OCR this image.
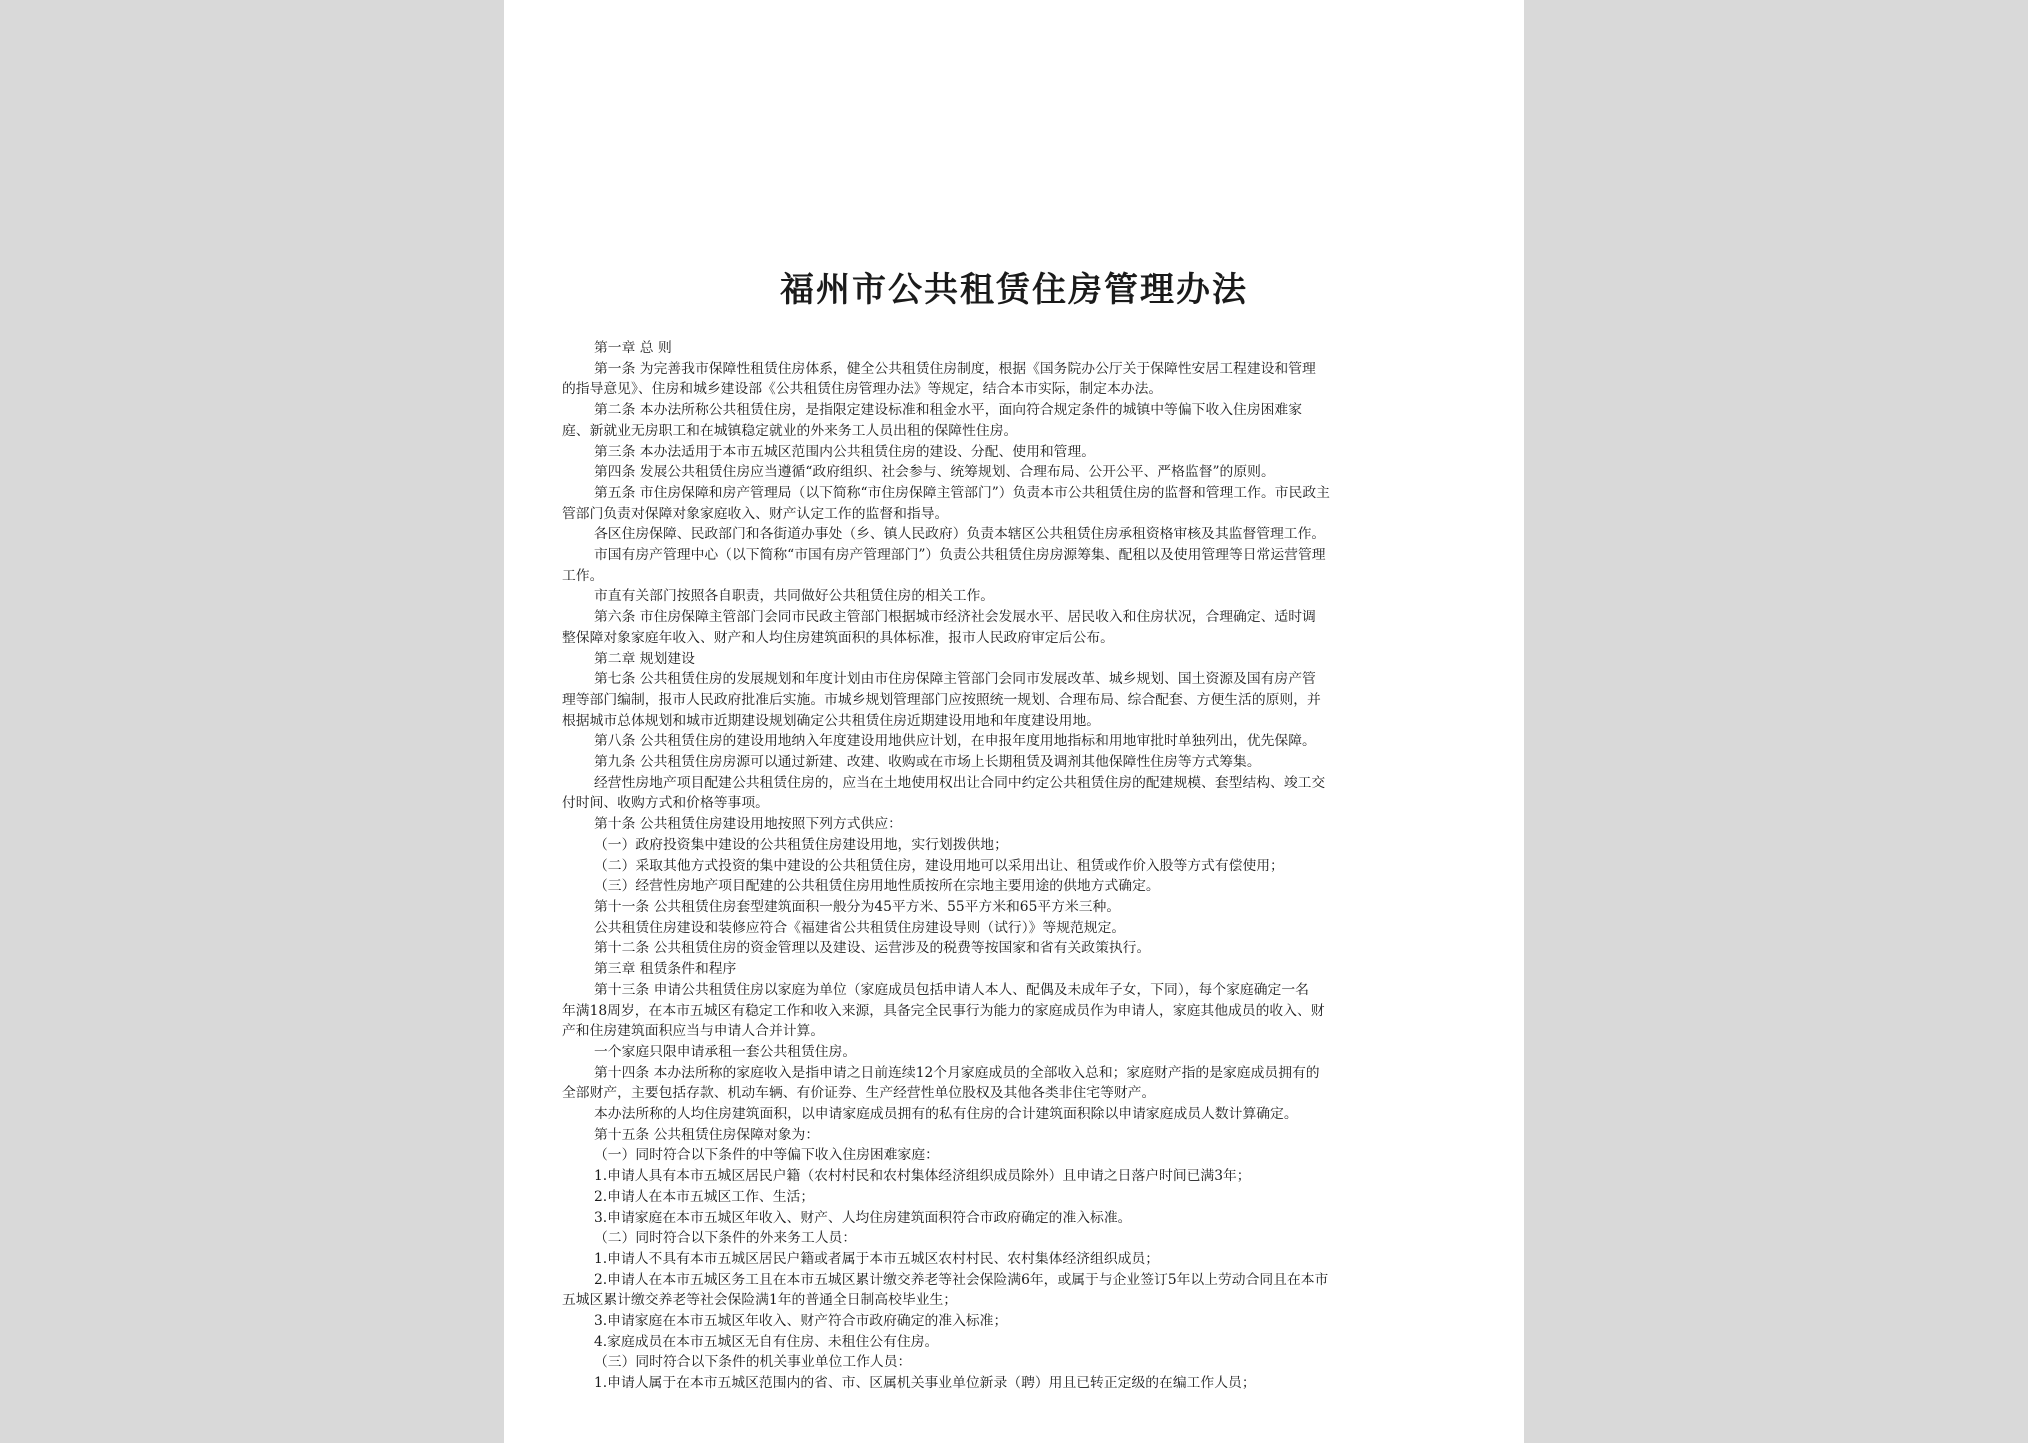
福州市公共租赁住房管理办法

第一章 总 则

第一条 为完善我市保障性租赁住房体系，健全公共租赁住房制度，根据《国务院办公厅关于保障性安居工程建设和管理

的指导意见》、住房和城乡建设部《公共租赁住房管理办法》等规定，结合本市实际，制定本办法。

第二条 本办法所称公共租赁住房，是指限定建设标准和租金水平，面向符合规定条件的城镇中等偏下收入住房困难家

庭、新就业无房职工和在城镇稳定就业的外来务工人员出租的保障性住房。

第三条 本办法适用于本市五城区范围内公共租赁住房的建设、分配、使用和管理。

第四条 发展公共租赁住房应当遵循“政府组织、社会参与、统筹规划、合理布局、公开公平、严格监督”的原则。

第五条 市住房保障和房产管理局（以下简称“市住房保障主管部门”）负责本市公共租赁住房的监督和管理工作。市民政主

管部门负责对保障对象家庭收入、财产认定工作的监督和指导。

各区住房保障、民政部门和各街道办事处（乡、镇人民政府）负责本辖区公共租赁住房承租资格审核及其监督管理工作。

市国有房产管理中心（以下简称“市国有房产管理部门”）负责公共租赁住房房源筹集、配租以及使用管理等日常运营管理

工作。

市直有关部门按照各自职责，共同做好公共租赁住房的相关工作。

第六条 市住房保障主管部门会同市民政主管部门根据城市经济社会发展水平、居民收入和住房状况，合理确定、适时调

整保障对象家庭年收入、财产和人均住房建筑面积的具体标准，报市人民政府审定后公布。

第二章 规划建设

第七条 公共租赁住房的发展规划和年度计划由市住房保障主管部门会同市发展改革、城乡规划、国土资源及国有房产管

理等部门编制，报市人民政府批准后实施。市城乡规划管理部门应按照统一规划、合理布局、综合配套、方便生活的原则，并

根据城市总体规划和城市近期建设规划确定公共租赁住房近期建设用地和年度建设用地。

第八条 公共租赁住房的建设用地纳入年度建设用地供应计划，在申报年度用地指标和用地审批时单独列出，优先保障。

第九条 公共租赁住房房源可以通过新建、改建、收购或在市场上长期租赁及调剂其他保障性住房等方式筹集。

经营性房地产项目配建公共租赁住房的，应当在土地使用权出让合同中约定公共租赁住房的配建规模、套型结构、竣工交

付时间、收购方式和价格等事项。

第十条 公共租赁住房建设用地按照下列方式供应：

（一）政府投资集中建设的公共租赁住房建设用地，实行划拨供地；

（二）采取其他方式投资的集中建设的公共租赁住房，建设用地可以采用出让、租赁或作价入股等方式有偿使用；

（三）经营性房地产项目配建的公共租赁住房用地性质按所在宗地主要用途的供地方式确定。

第十一条 公共租赁住房套型建筑面积一般分为45平方米、55平方米和65平方米三种。

公共租赁住房建设和装修应符合《福建省公共租赁住房建设导则（试行）》等规范规定。

第十二条 公共租赁住房的资金管理以及建设、运营涉及的税费等按国家和省有关政策执行。

第三章 租赁条件和程序

第十三条 申请公共租赁住房以家庭为单位（家庭成员包括申请人本人、配偶及未成年子女，下同），每个家庭确定一名

年满18周岁，在本市五城区有稳定工作和收入来源，具备完全民事行为能力的家庭成员作为申请人，家庭其他成员的收入、财

产和住房建筑面积应当与申请人合并计算。

一个家庭只限申请承租一套公共租赁住房。

第十四条 本办法所称的家庭收入是指申请之日前连续12个月家庭成员的全部收入总和；家庭财产指的是家庭成员拥有的

全部财产，主要包括存款、机动车辆、有价证券、生产经营性单位股权及其他各类非住宅等财产。

本办法所称的人均住房建筑面积，以申请家庭成员拥有的私有住房的合计建筑面积除以申请家庭成员人数计算确定。

第十五条 公共租赁住房保障对象为：

（一）同时符合以下条件的中等偏下收入住房困难家庭：

1.申请人具有本市五城区居民户籍（农村村民和农村集体经济组织成员除外）且申请之日落户时间已满3年；

2.申请人在本市五城区工作、生活；

3.申请家庭在本市五城区年收入、财产、人均住房建筑面积符合市政府确定的准入标准。

（二）同时符合以下条件的外来务工人员：

1.申请人不具有本市五城区居民户籍或者属于本市五城区农村村民、农村集体经济组织成员；

2.申请人在本市五城区务工且在本市五城区累计缴交养老等社会保险满6年，或属于与企业签订5年以上劳动合同且在本市

五城区累计缴交养老等社会保险满1年的普通全日制高校毕业生；

3.申请家庭在本市五城区年收入、财产符合市政府确定的准入标准；

4.家庭成员在本市五城区无自有住房、未租住公有住房。

（三）同时符合以下条件的机关事业单位工作人员：

1.申请人属于在本市五城区范围内的省、市、区属机关事业单位新录（聘）用且已转正定级的在编工作人员；
